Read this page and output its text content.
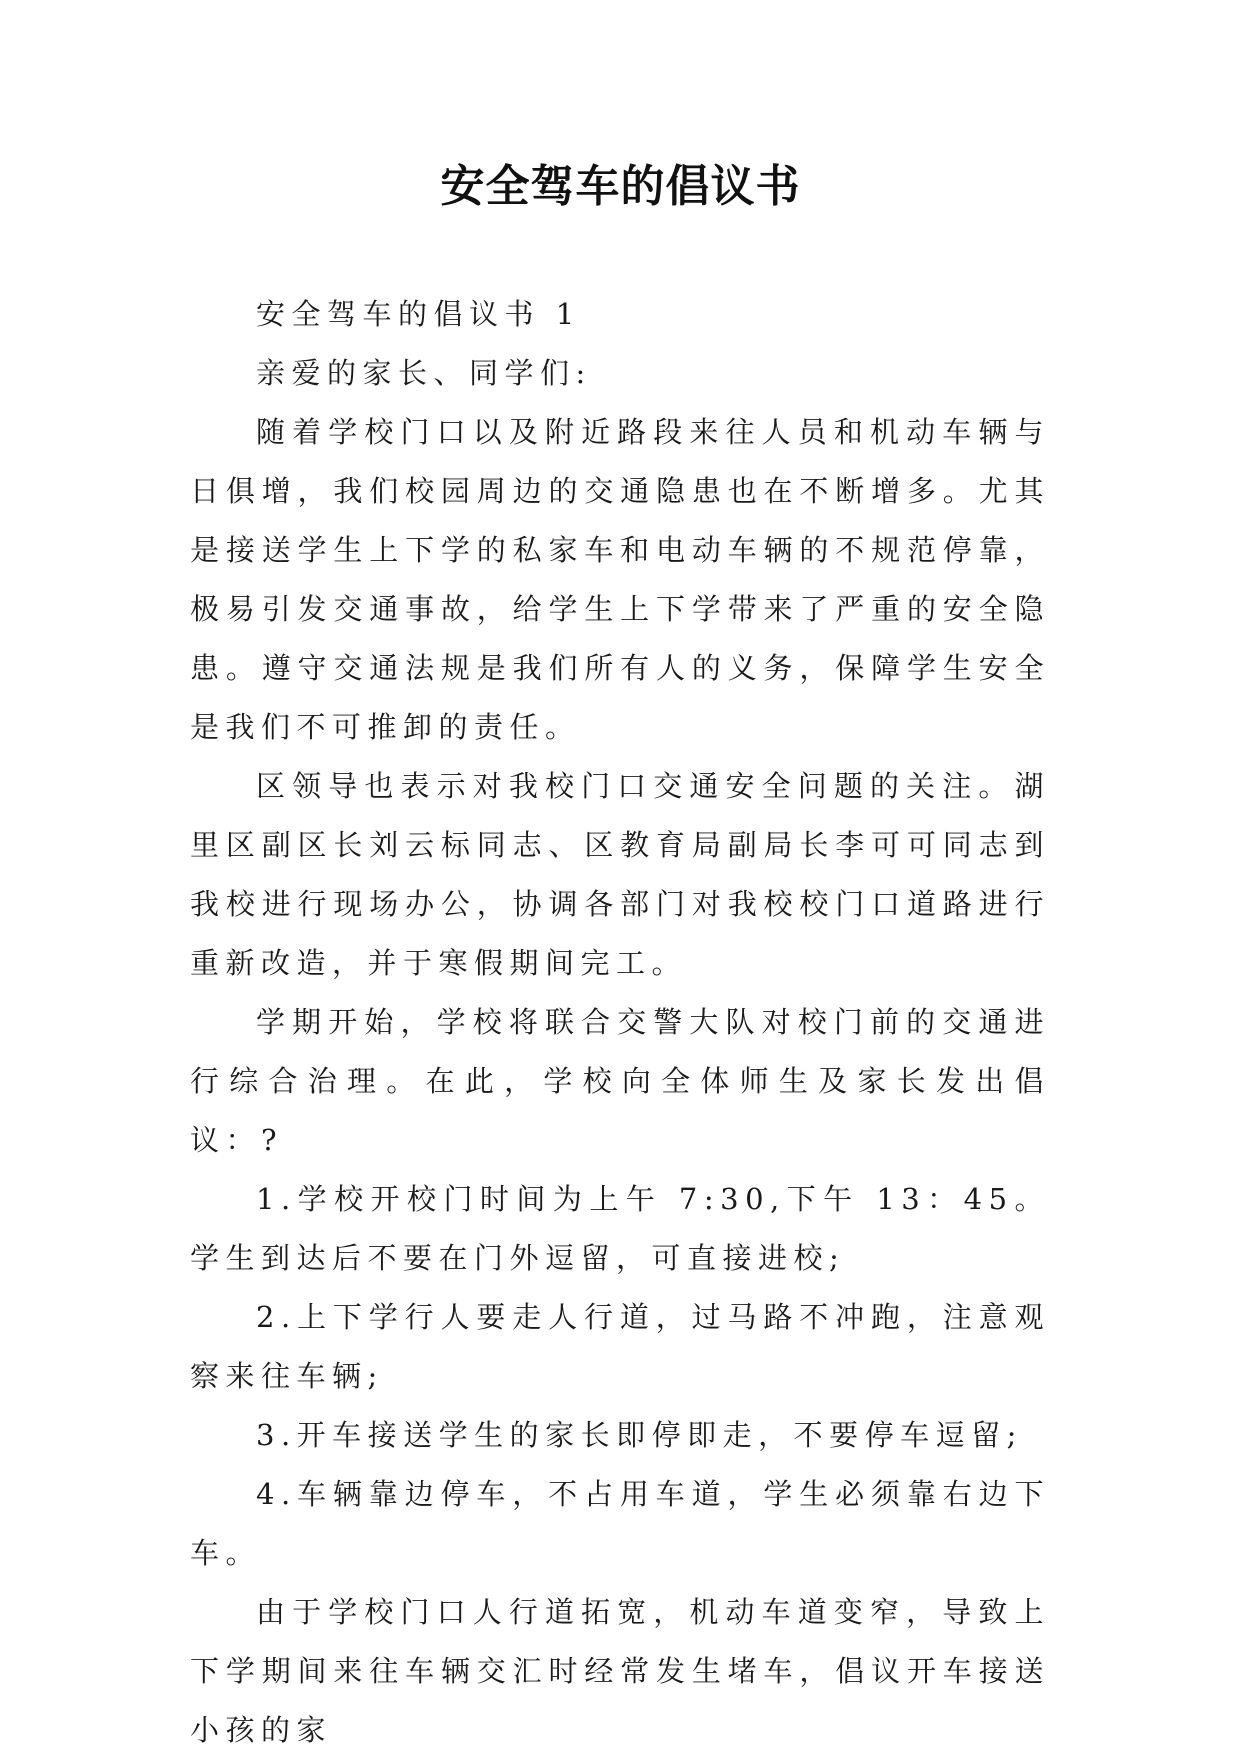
安全驾车的倡议书

安全驾车的倡议书 1

亲爱的家长、同学们:

随着学校门口以及附近路段来往人员和机动车辆与日俱增，我们校园周边的交通隐患也在不断增多。尤其是接送学生上下学的私家车和电动车辆的不规范停靠，极易引发交通事故，给学生上下学带来了严重的安全隐患。遵守交通法规是我们所有人的义务，保障学生安全是我们不可推卸的责任。

区领导也表示对我校门口交通安全问题的关注。湖里区副区长刘云标同志、区教育局副局长李可可同志到我校进行现场办公，协调各部门对我校校门口道路进行重新改造，并于寒假期间完工。

学期开始，学校将联合交警大队对校门前的交通进行综合治理。在此，学校向全体师生及家长发出倡议：?

1.学校开校门时间为上午 7:30,下午 13：45。学生到达后不要在门外逗留，可直接进校;

2.上下学行人要走人行道，过马路不冲跑，注意观察来往车辆;

3.开车接送学生的家长即停即走，不要停车逗留;

4.车辆靠边停车，不占用车道，学生必须靠右边下车。

由于学校门口人行道拓宽，机动车道变窄，导致上下学期间来往车辆交汇时经常发生堵车，倡议开车接送小孩的家
